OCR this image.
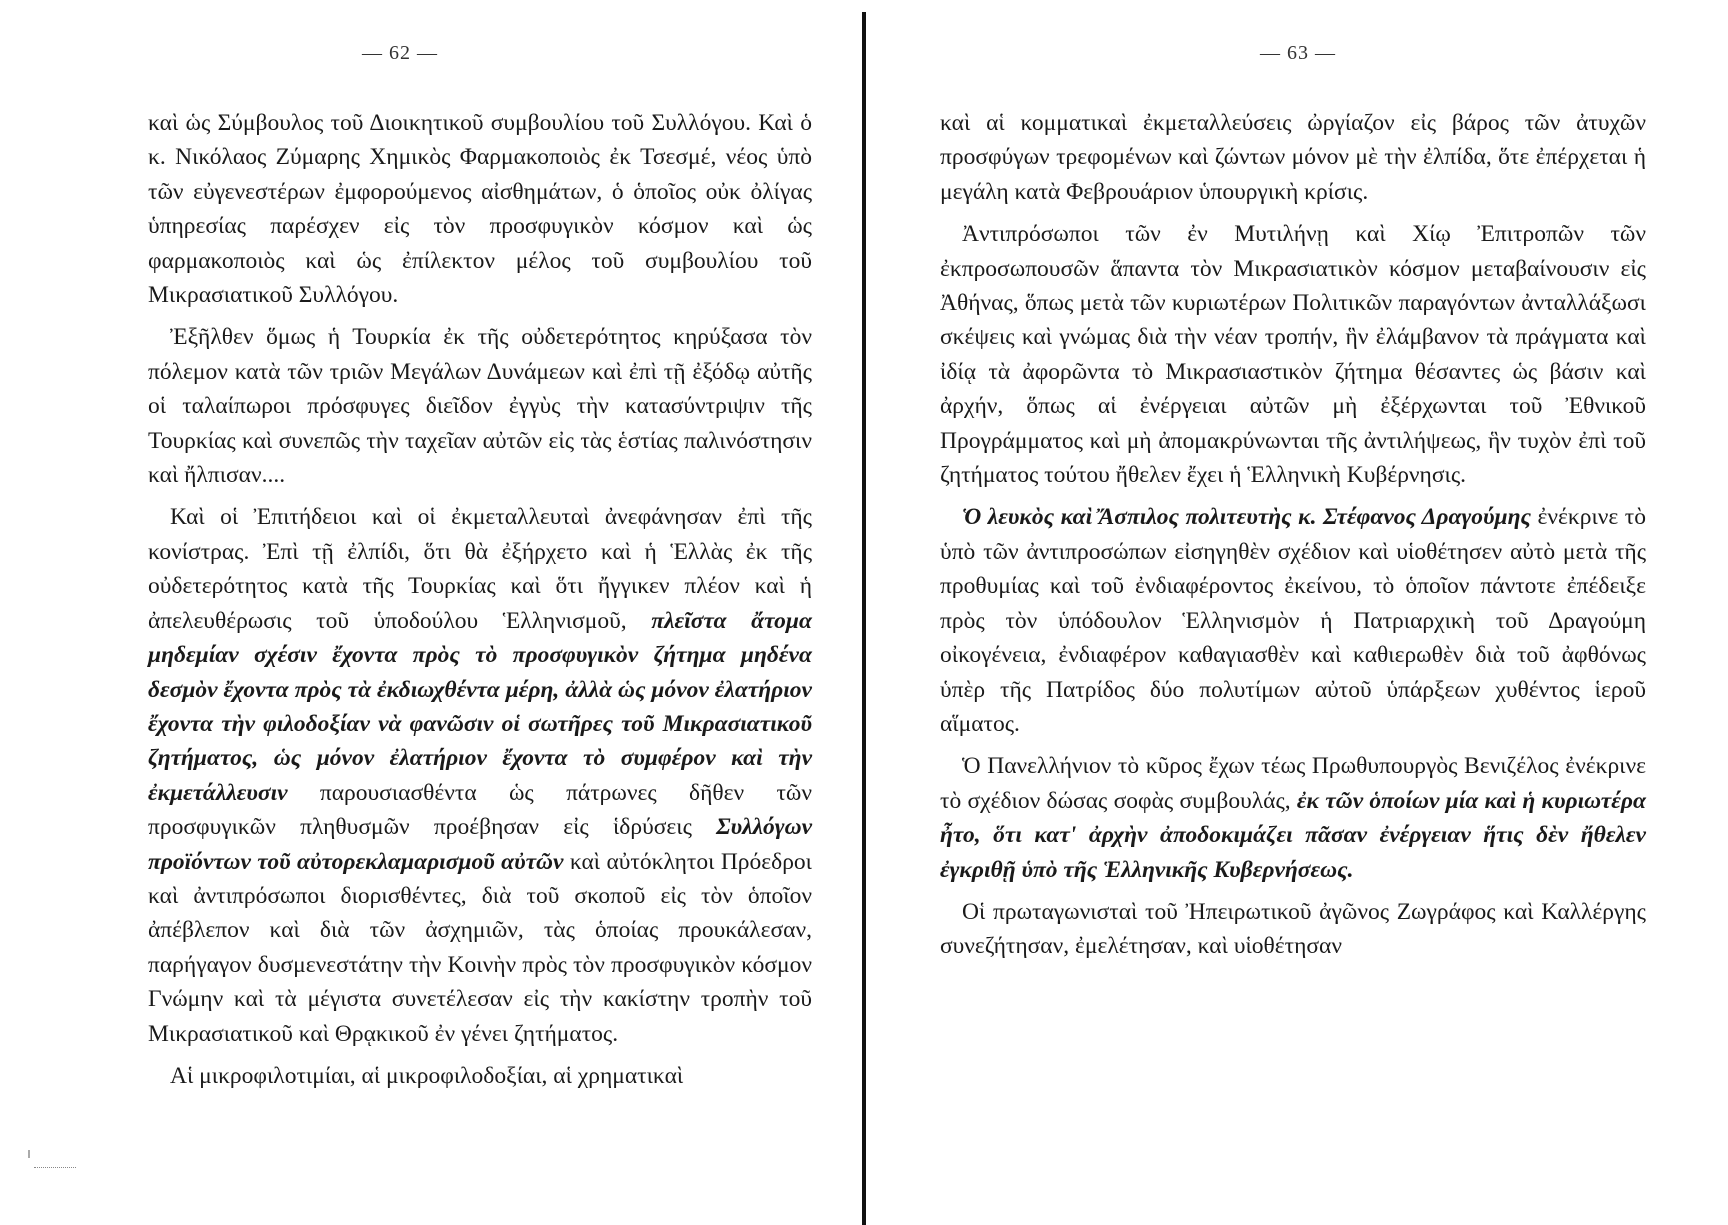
— 62 —

καὶ ὡς Σύμβουλος τοῦ Διοικητικοῦ συμβουλίου τοῦ Συλλόγου. Καὶ ὁ κ. Νικόλαος Ζύμαρης Χημικὸς Φαρμακοποιὸς ἐκ Τσεσμέ, νέος ὑπὸ τῶν εὐγενεστέρων ἐμφορούμενος αἰσθημάτων, ὁ ὁποῖος οὐκ ὀλίγας ὑπηρεσίας παρέσχεν εἰς τὸν προσφυγικὸν κόσμον καὶ ὡς φαρμακοποιὸς καὶ ὡς ἐπίλεκτον μέλος τοῦ συμβουλίου τοῦ Μικρασιατικοῦ Συλλόγου.

Ἐξῆλθεν ὅμως ἡ Τουρκία ἐκ τῆς οὐδετερότητος κηρύξασα τὸν πόλεμον κατὰ τῶν τριῶν Μεγάλων Δυνάμεων καὶ ἐπὶ τῇ ἐξόδῳ αὐτῆς οἱ ταλαίπωροι πρόσφυγες διεῖδον ἐγγὺς τὴν κατασύντριψιν τῆς Τουρκίας καὶ συνεπῶς τὴν ταχεῖαν αὐτῶν εἰς τὰς ἑστίας παλινόστησιν καὶ ἤλπισαν....

Καὶ οἱ Ἐπιτήδειοι καὶ οἱ ἐκμεταλλευταὶ ἀνεφάνησαν ἐπὶ τῆς κονίστρας. Ἐπὶ τῇ ἐλπίδι, ὅτι θὰ ἐξήρχετο καὶ ἡ Ἑλλὰς ἐκ τῆς οὐδετερότητος κατὰ τῆς Τουρκίας καὶ ὅτι ἤγγικεν πλέον καὶ ἡ ἀπελευθέρωσις τοῦ ὑποδούλου Ἑλληνισμοῦ, πλεῖστα ἄτομα μηδεμίαν σχέσιν ἔχοντα πρὸς τὸ προσφυγικὸν ζήτημα μηδένα δεσμὸν ἔχοντα πρὸς τὰ ἐκδιωχθέντα μέρη, ἀλλὰ ὡς μόνον ἐλατήριον ἔχοντα τὴν φιλοδοξίαν νὰ φανῶσιν οἱ σωτῆρες τοῦ Μικρασιατικοῦ ζητήματος, ὡς μόνον ἐλατήριον ἔχοντα τὸ συμφέρον καὶ τὴν ἐκμετάλλευσιν παρουσιασθέντα ὡς πάτρωνες δῆθεν τῶν προσφυγικῶν πληθυσμῶν προέβησαν εἰς ἱδρύσεις Συλλόγων προϊόντων τοῦ αὐτορεκλαμαρισμοῦ αὐτῶν καὶ αὐτόκλητοι Πρόεδροι καὶ ἀντιπρόσωποι διορισθέντες, διὰ τοῦ σκοποῦ εἰς τὸν ὁποῖον ἀπέβλεπον καὶ διὰ τῶν ἀσχημιῶν, τὰς ὁποίας προυκάλεσαν, παρήγαγον δυσμενεστάτην τὴν Κοινὴν πρὸς τὸν προσφυγικὸν κόσμον Γνώμην καὶ τὰ μέγιστα συνετέλεσαν εἰς τὴν κακίστην τροπὴν τοῦ Μικρασιατικοῦ καὶ Θρᾳκικοῦ ἐν γένει ζητήματος.

Αἱ μικροφιλοτιμίαι, αἱ μικροφιλοδοξίαι, αἱ χρηματικαὶ

— 63 —

καὶ αἱ κομματικαὶ ἐκμεταλλεύσεις ὠργίαζον εἰς βάρος τῶν ἀτυχῶν προσφύγων τρεφομένων καὶ ζώντων μόνον μὲ τὴν ἐλπίδα, ὅτε ἐπέρχεται ἡ μεγάλη κατὰ Φεβρουάριον ὑπουργικὴ κρίσις.

Ἀντιπρόσωποι τῶν ἐν Μυτιλήνῃ καὶ Χίῳ Ἐπιτροπῶν τῶν ἐκπροσωπουσῶν ἅπαντα τὸν Μικρασιατικὸν κόσμον μεταβαίνουσιν εἰς Ἀθήνας, ὅπως μετὰ τῶν κυριωτέρων Πολιτικῶν παραγόντων ἀνταλλάξωσι σκέψεις καὶ γνώμας διὰ τὴν νέαν τροπήν, ἣν ἐλάμβανον τὰ πράγματα καὶ ἰδίᾳ τὰ ἀφορῶντα τὸ Μικρασιαστικὸν ζήτημα θέσαντες ὡς βάσιν καὶ ἀρχήν, ὅπως αἱ ἐνέργειαι αὐτῶν μὴ ἐξέρχωνται τοῦ Ἐθνικοῦ Προγράμματος καὶ μὴ ἀπομακρύνωνται τῆς ἀντιλήψεως, ἣν τυχὸν ἐπὶ τοῦ ζητήματος τούτου ἤθελεν ἔχει ἡ Ἑλληνικὴ Κυβέρνησις.

Ὁ λευκὸς καὶ Ἄσπιλος πολιτευτὴς κ. Στέφανος Δραγούμης ἐνέκρινε τὸ ὑπὸ τῶν ἀντιπροσώπων εἰσηγηθὲν σχέδιον καὶ υἱοθέτησεν αὐτὸ μετὰ τῆς προθυμίας καὶ τοῦ ἐνδιαφέροντος ἐκείνου, τὸ ὁποῖον πάντοτε ἐπέδειξε πρὸς τὸν ὑπόδουλον Ἑλληνισμὸν ἡ Πατριαρχικὴ τοῦ Δραγούμη οἰκογένεια, ἐνδιαφέρον καθαγιασθὲν καὶ καθιερωθὲν διὰ τοῦ ἀφθόνως ὑπὲρ τῆς Πατρίδος δύο πολυτίμων αὐτοῦ ὑπάρξεων χυθέντος ἱεροῦ αἵματος.

Ὁ Πανελλήνιον τὸ κῦρος ἔχων τέως Πρωθυπουργὸς Βενιζέλος ἐνέκρινε τὸ σχέδιον δώσας σοφὰς συμβουλάς, ἐκ τῶν ὁποίων μία καὶ ἡ κυριωτέρα ἦτο, ὅτι κατ' ἀρχὴν ἀποδοκιμάζει πᾶσαν ἐνέργειαν ἥτις δὲν ἤθελεν ἐγκριθῇ ὑπὸ τῆς Ἑλληνικῆς Κυβερνήσεως.

Οἱ πρωταγωνισταὶ τοῦ Ἠπειρωτικοῦ ἀγῶνος Ζωγράφος καὶ Καλλέργης συνεζήτησαν, ἐμελέτησαν, καὶ υἱοθέτησαν
